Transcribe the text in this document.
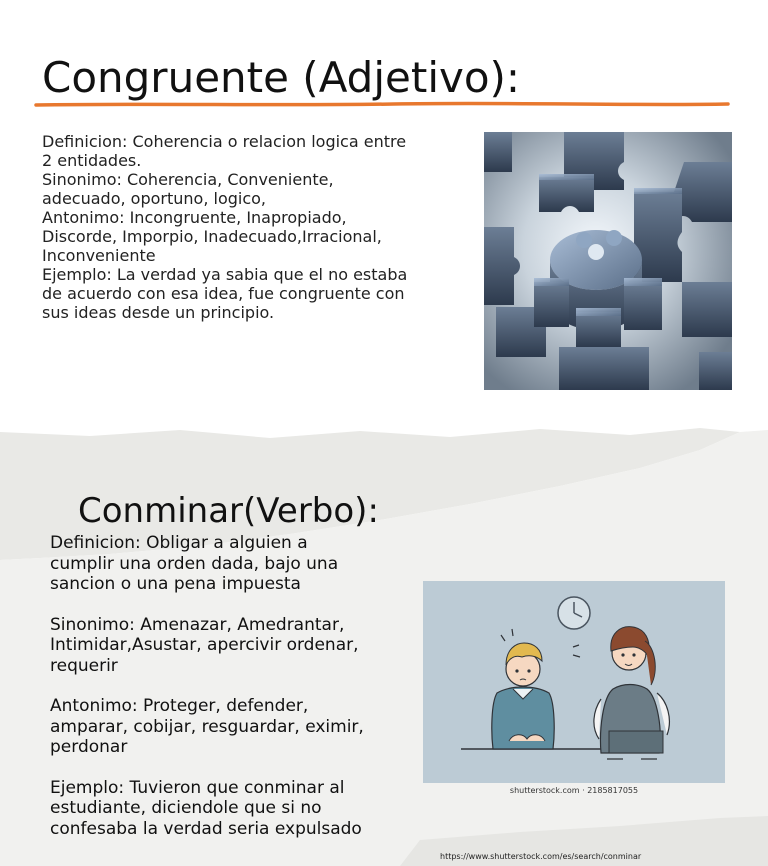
Congruente (Adjetivo):
Definicion: Coherencia o relacion logica entre
2 entidades.
Sinonimo: Coherencia, Conveniente,
adecuado, oportuno, logico,
Antonimo: Incongruente, Inapropiado,
Discorde, Imporpio, Inadecuado,Irracional,
Inconveniente
Ejemplo: La verdad ya sabia que el no estaba
de acuerdo con esa idea, fue congruente con
sus ideas desde un principio.
Conminar(Verbo):
Definicion: Obligar a alguien a
cumplir una orden dada, bajo una
sancion o una pena impuesta
Sinonimo: Amenazar, Amedrantar,
Intimidar,Asustar, apercivir ordenar,
requerir
Antonimo: Proteger, defender,
amparar, cobijar, resguardar, eximir,
perdonar
Ejemplo: Tuvieron que conminar al
estudiante, diciendole que si no
confesaba la verdad seria expulsado
shutterstock.com · 2185817055
https://www.shutterstock.com/es/search/conminar
